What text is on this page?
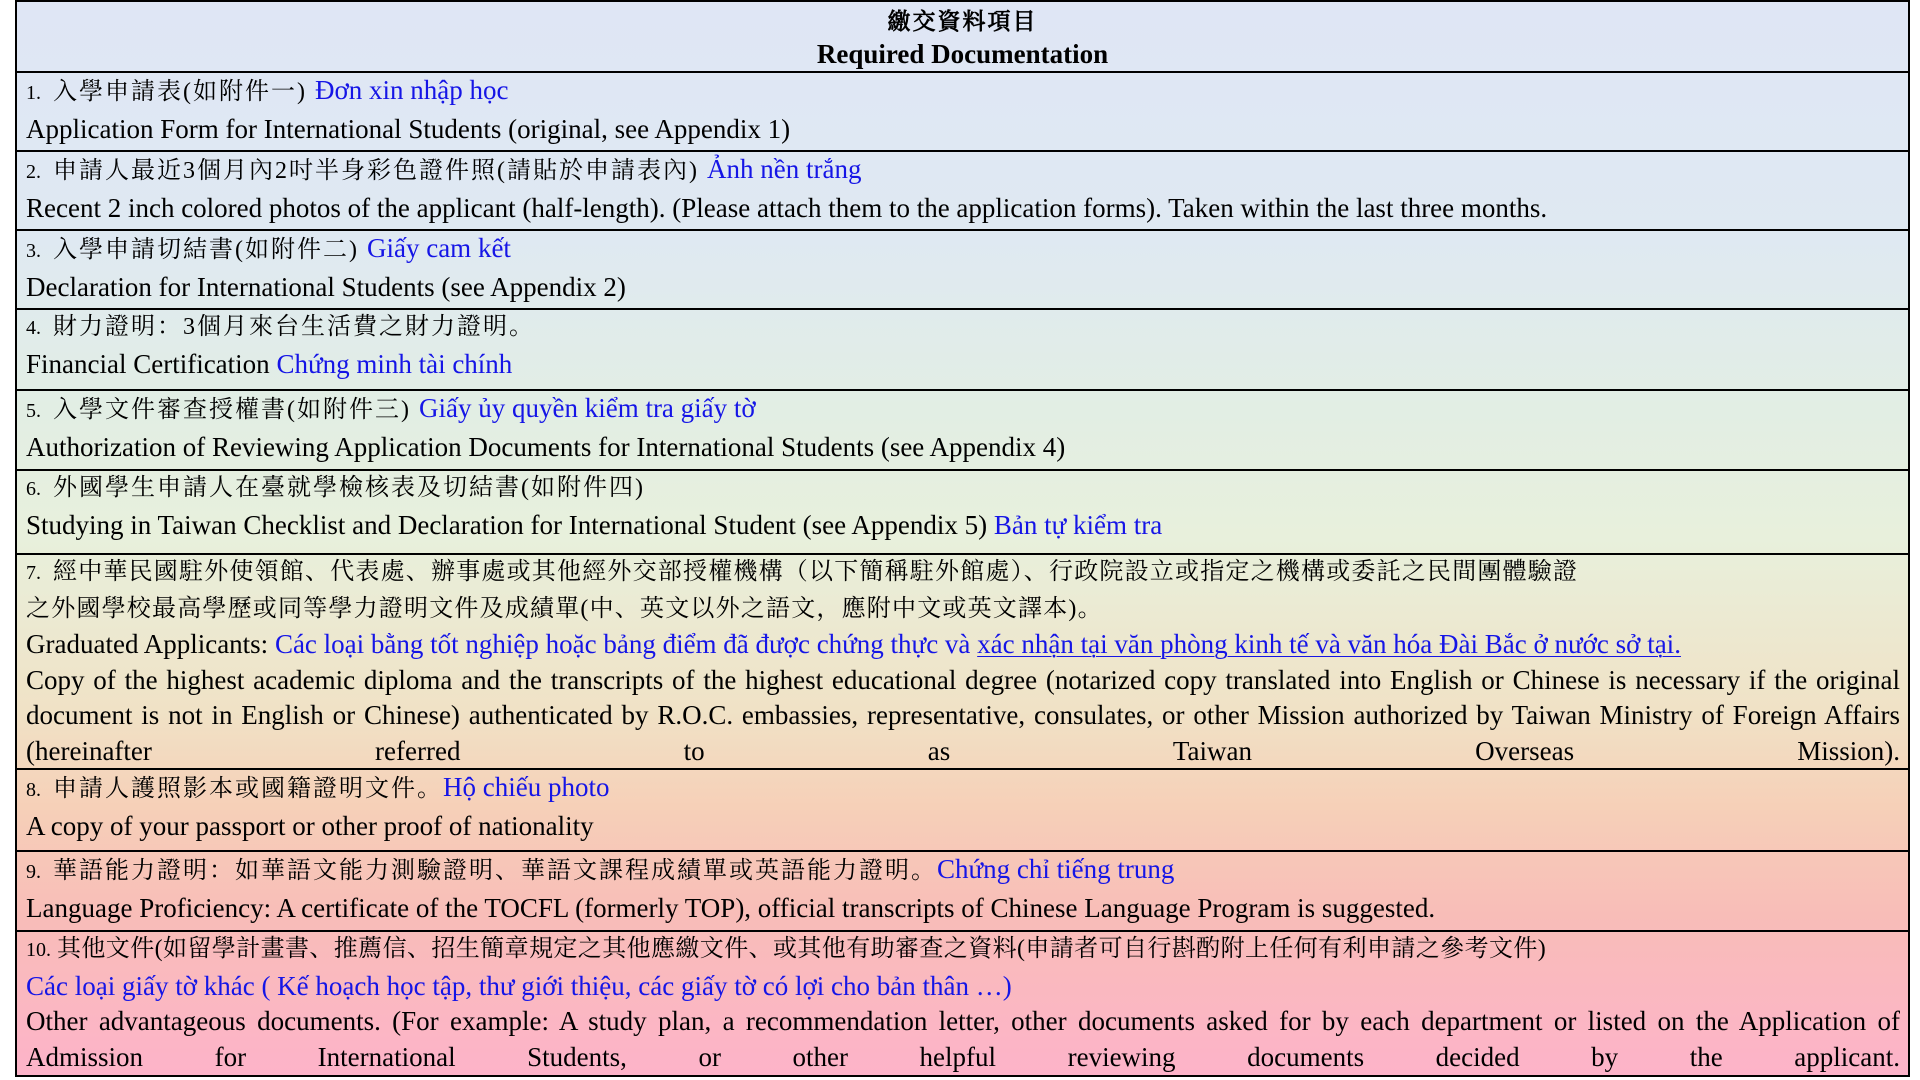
繳交資料項目
Required Documentation
1. 入學申請表(如附件一) Đơn xin nhập học
Application Form for International Students (original, see Appendix 1)
2. 申請人最近3個月內2吋半身彩色證件照(請貼於申請表內) Ảnh nền trắng
Recent 2 inch colored photos of the applicant (half-length). (Please attach them to the application forms). Taken within the last three months.
3. 入學申請切結書(如附件二) Giấy cam kết
Declaration for International Students (see Appendix 2)
4. 財力證明：3個月來台生活費之財力證明。
Financial Certification Chứng minh tài chính
5. 入學文件審查授權書(如附件三) Giấy ủy quyền kiểm tra giấy tờ
Authorization of Reviewing Application Documents for International Students (see Appendix 4)
6. 外國學生申請人在臺就學檢核表及切結書(如附件四)
Studying in Taiwan Checklist and Declaration for International Student (see Appendix 5) Bản tự kiểm tra
7. 經中華民國駐外使領館、代表處、辦事處或其他經外交部授權機構（以下簡稱駐外館處）、行政院設立或指定之機構或委託之民間團體驗證
之外國學校最高學歷或同等學力證明文件及成績單(中、英文以外之語文，應附中文或英文譯本)。
Graduated Applicants: Các loại bằng tốt nghiệp hoặc bảng điểm đã được chứng thực và xác nhận tại văn phòng kinh tế và văn hóa Đài Bắc ở nước sở tại.
Copy of the highest academic diploma and the transcripts of the highest educational degree (notarized copy translated into English or Chinese is necessary if the original document is not in English or Chinese) authenticated by R.O.C. embassies, representative, consulates, or other Mission authorized by Taiwan Ministry of Foreign Affairs (hereinafter referred to as Taiwan Overseas Mission).
8. 申請人護照影本或國籍證明文件。Hộ chiếu photo
A copy of your passport or other proof of nationality
9. 華語能力證明：如華語文能力測驗證明、華語文課程成績單或英語能力證明。Chứng chỉ tiếng trung
Language Proficiency: A certificate of the TOCFL (formerly TOP), official transcripts of Chinese Language Program is suggested.
10. 其他文件(如留學計畫書、推薦信、招生簡章規定之其他應繳文件、或其他有助審查之資料(申請者可自行斟酌附上任何有利申請之參考文件)
Các loại giấy tờ khác ( Kế hoạch học tập, thư giới thiệu, các giấy tờ có lợi cho bản thân …)
Other advantageous documents. (For example: A study plan, a recommendation letter, other documents asked for by each department or listed on the Application of Admission for International Students, or other helpful reviewing documents decided by the applicant.
